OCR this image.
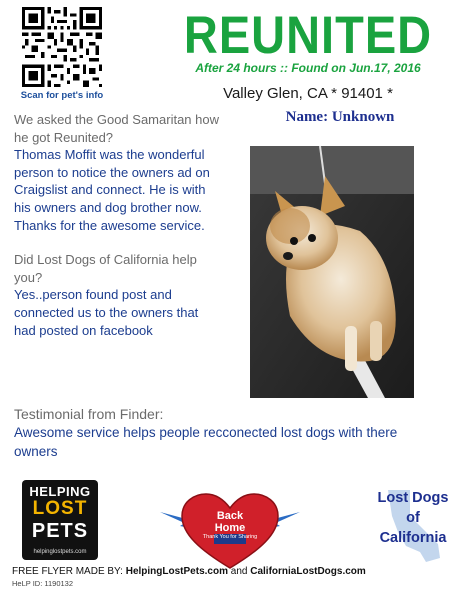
Scan for pet's info
REUNITED
After 24 hours :: Found on Jun.17, 2016
Valley Glen, CA * 91401 *
Name: Unknown

We asked the Good Samaritan how he got Reunited?

Thomas Moffit was the wonderful person to notice the owners ad on Craigslist and connect. He is with his owners and dog brother now. Thanks for the awesome service.

Did Lost Dogs of California help you?

Yes..person found post and connected us to the owners that had posted on facebook

Testimonial from Finder:
Awesome service helps people recconected lost dogs with there owners
HELPING
LOST
PETS
helpinglostpets.com
Back
Home
Thank You for Sharing
Lost Dogs
of
California
FREE FLYER MADE BY: HelpingLostPets.com and CaliforniaLostDogs.com
HeLP ID: 1190132
